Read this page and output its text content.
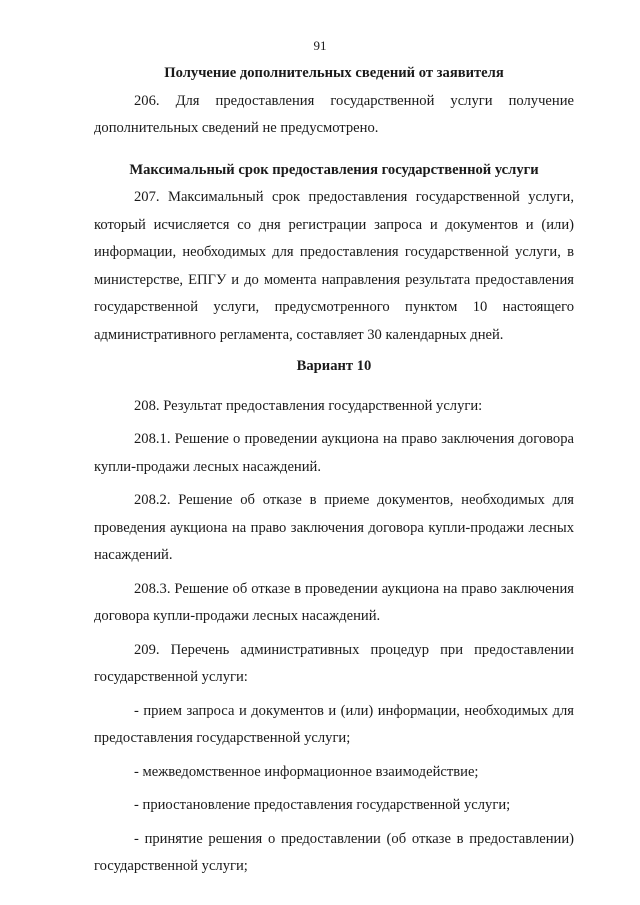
91

Получение дополнительных сведений от заявителя

206. Для предоставления государственной услуги получение дополнительных сведений не предусмотрено.

Максимальный срок предоставления государственной услуги

207. Максимальный срок предоставления государственной услуги, который исчисляется со дня регистрации запроса и документов и (или) информации, необходимых для предоставления государственной услуги, в министерстве, ЕПГУ и до момента направления результата предоставления государственной услуги, предусмотренного пунктом 10 настоящего административного регламента, составляет 30 календарных дней.

Вариант 10

208. Результат предоставления государственной услуги:

208.1. Решение о проведении аукциона на право заключения договора купли-продажи лесных насаждений.

208.2. Решение об отказе в приеме документов, необходимых для проведения аукциона на право заключения договора купли-продажи лесных насаждений.

208.3. Решение об отказе в проведении аукциона на право заключения договора купли-продажи лесных насаждений.

209. Перечень административных процедур при предоставлении государственной услуги:

- прием запроса и документов и (или) информации, необходимых для предоставления государственной услуги;

- межведомственное информационное взаимодействие;

- приостановление предоставления государственной услуги;

- принятие решения о предоставлении (об отказе в предоставлении) государственной услуги;
